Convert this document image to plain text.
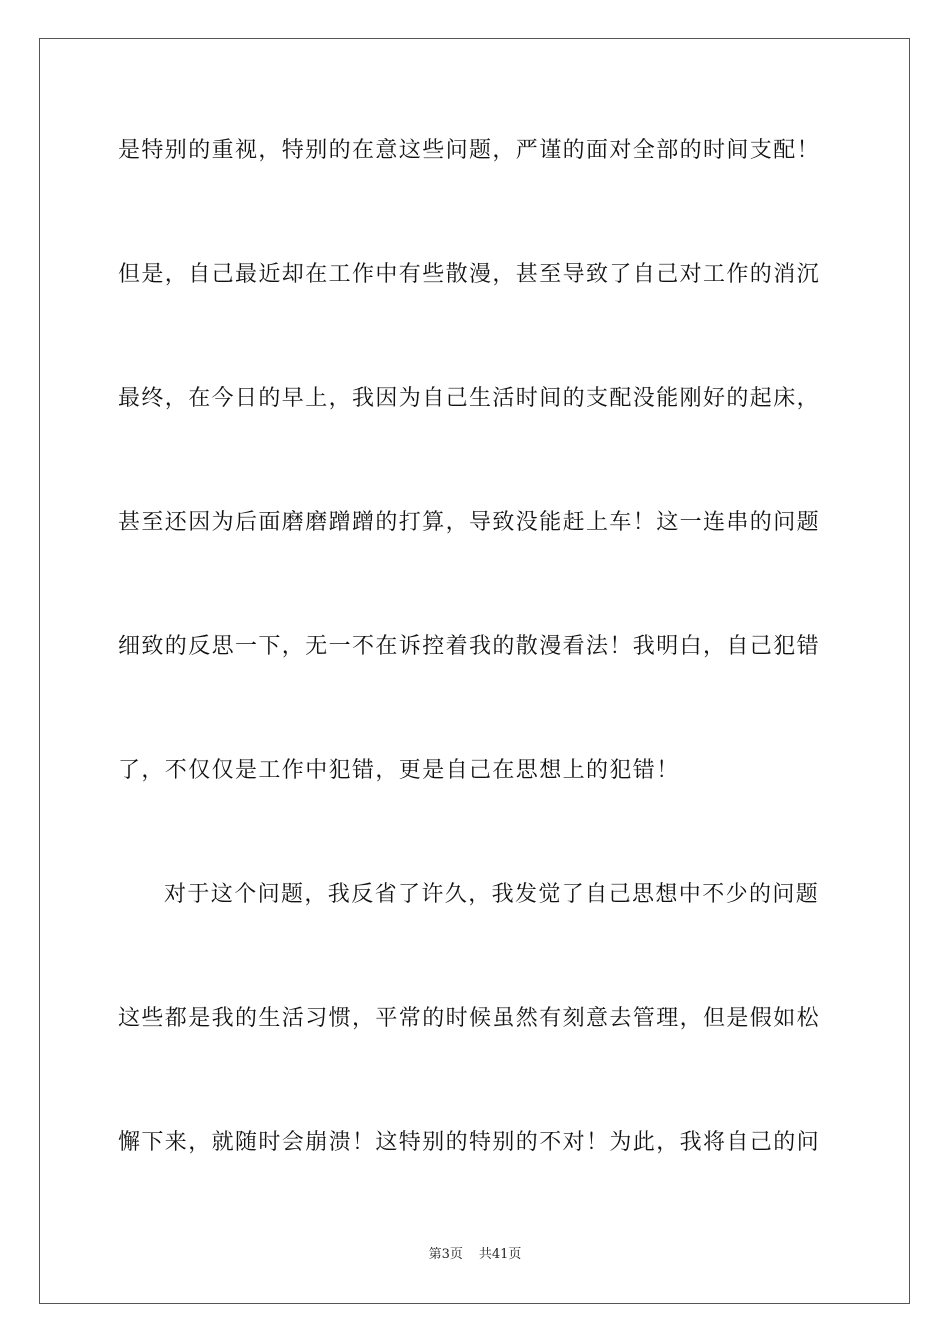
是特别的重视，特别的在意这些问题，严谨的面对全部的时间支配！
但是，自己最近却在工作中有些散漫，甚至导致了自己对工作的消沉
最终，在今日的早上，我因为自己生活时间的支配没能刚好的起床，
甚至还因为后面磨磨蹭蹭的打算，导致没能赶上车！这一连串的问题
细致的反思一下，无一不在诉控着我的散漫看法！我明白，自己犯错
了，不仅仅是工作中犯错，更是自己在思想上的犯错！
对于这个问题，我反省了许久，我发觉了自己思想中不少的问题
这些都是我的生活习惯，平常的时候虽然有刻意去管理，但是假如松
懈下来，就随时会崩溃！这特别的特别的不对！为此，我将自己的问
第3页 共41页
